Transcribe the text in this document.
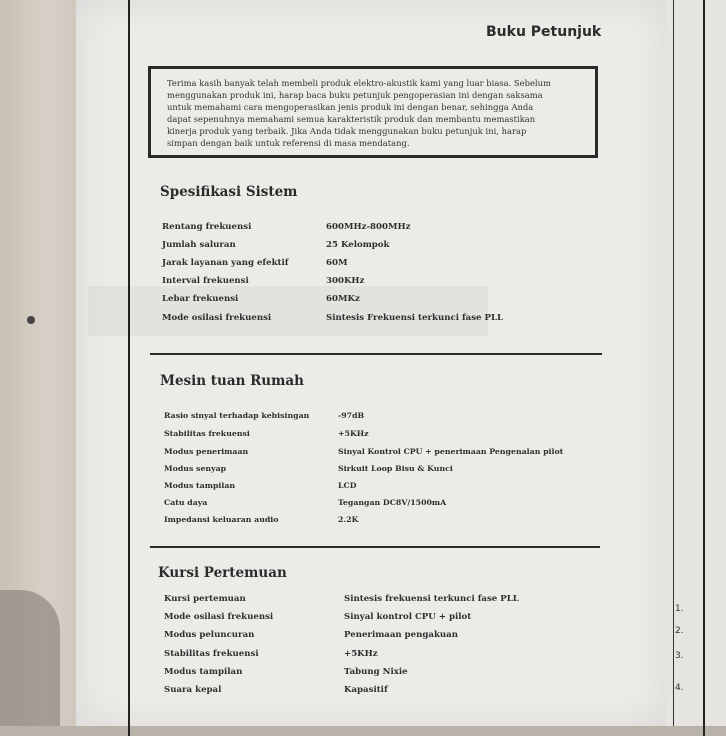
1.
2.
3.
4.
Buku Petunjuk
Terima kasih banyak telah membeli produk elektro-akustik kami yang luar biasa. Sebelum
menggunakan produk ini, harap baca buku petunjuk pengoperasian ini dengan saksama
untuk memahami cara mengoperasikan jenis produk ini dengan benar, sehingga Anda
dapat sepenuhnya memahami semua karakteristik produk dan membantu memastikan
kinerja produk yang terbaik. Jika Anda tidak menggunakan buku petunjuk ini, harap
simpan dengan baik untuk referensi di masa mendatang.
Spesifikasi Sistem
Rentang frekuensi	600MHz-800MHz
Jumlah saluran	25 Kelompok
Jarak layanan yang efektif	60M
Interval frekuensi	300KHz
Lebar frekuensi	60MKz
Mode osilasi frekuensi	Sintesis Frekuensi terkunci fase PLL
Mesin tuan Rumah
Rasio sinyal terhadap kebisingan	-97dB
Stabilitas frekuensi	+5KHz
Modus penerimaan	Sinyal Kontrol CPU + penerimaan Pengenalan pilot
Modus senyap	Sirkuit Loop Bisu & Kunci
Modus tampilan	LCD
Catu daya	Tegangan DC8V/1500mA
Impedansi keluaran audio	2.2K
Kursi Pertemuan
Kursi pertemuan	Sintesis frekuensi terkunci fase PLL
Mode osilasi frekuensi	Sinyal kontrol CPU + pilot
Modus peluncuran	Penerimaan pengakuan
Stabilitas frekuensi	+5KHz
Modus tampilan	Tabung Nixie
Suara kepal	Kapasitif
